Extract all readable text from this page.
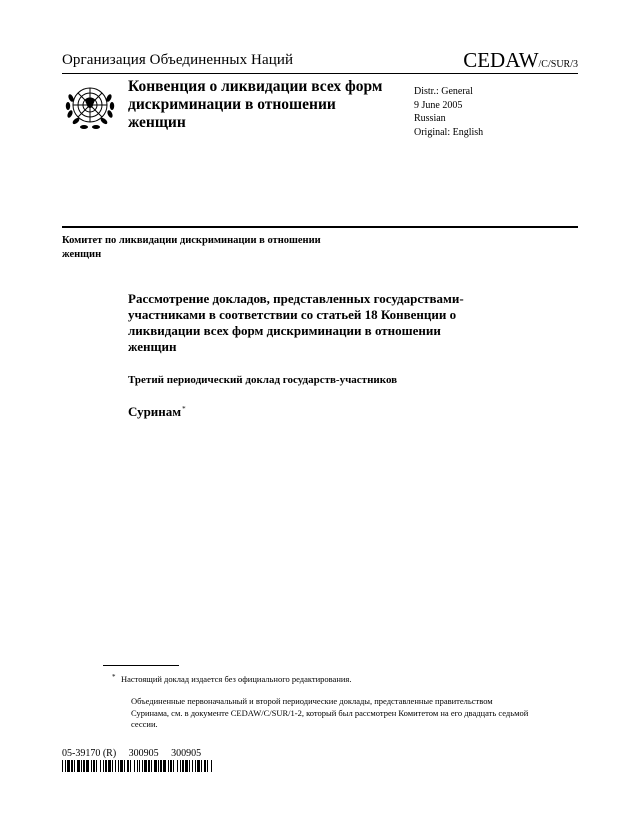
Организация Объединенных Наций	CEDAW/C/SUR/3
Конвенция о ликвидации всех форм дискриминации в отношении женщин
Distr.: General
9 June 2005
Russian
Original: English
Комитет по ликвидации дискриминации в отношении женщин
Рассмотрение докладов, представленных государствами-участниками в соответствии со статьей 18 Конвенции о ликвидации всех форм дискриминации в отношении женщин
Третий периодический доклад государств-участников
Суринам*
* Настоящий доклад издается без официального редактирования.
Объединенные первоначальный и второй периодические доклады, представленные правительством Суринама, см. в документе CEDAW/C/SUR/1-2, который был рассмотрен Комитетом на его двадцать седьмой сессии.
05-39170 (R) 300905 300905
